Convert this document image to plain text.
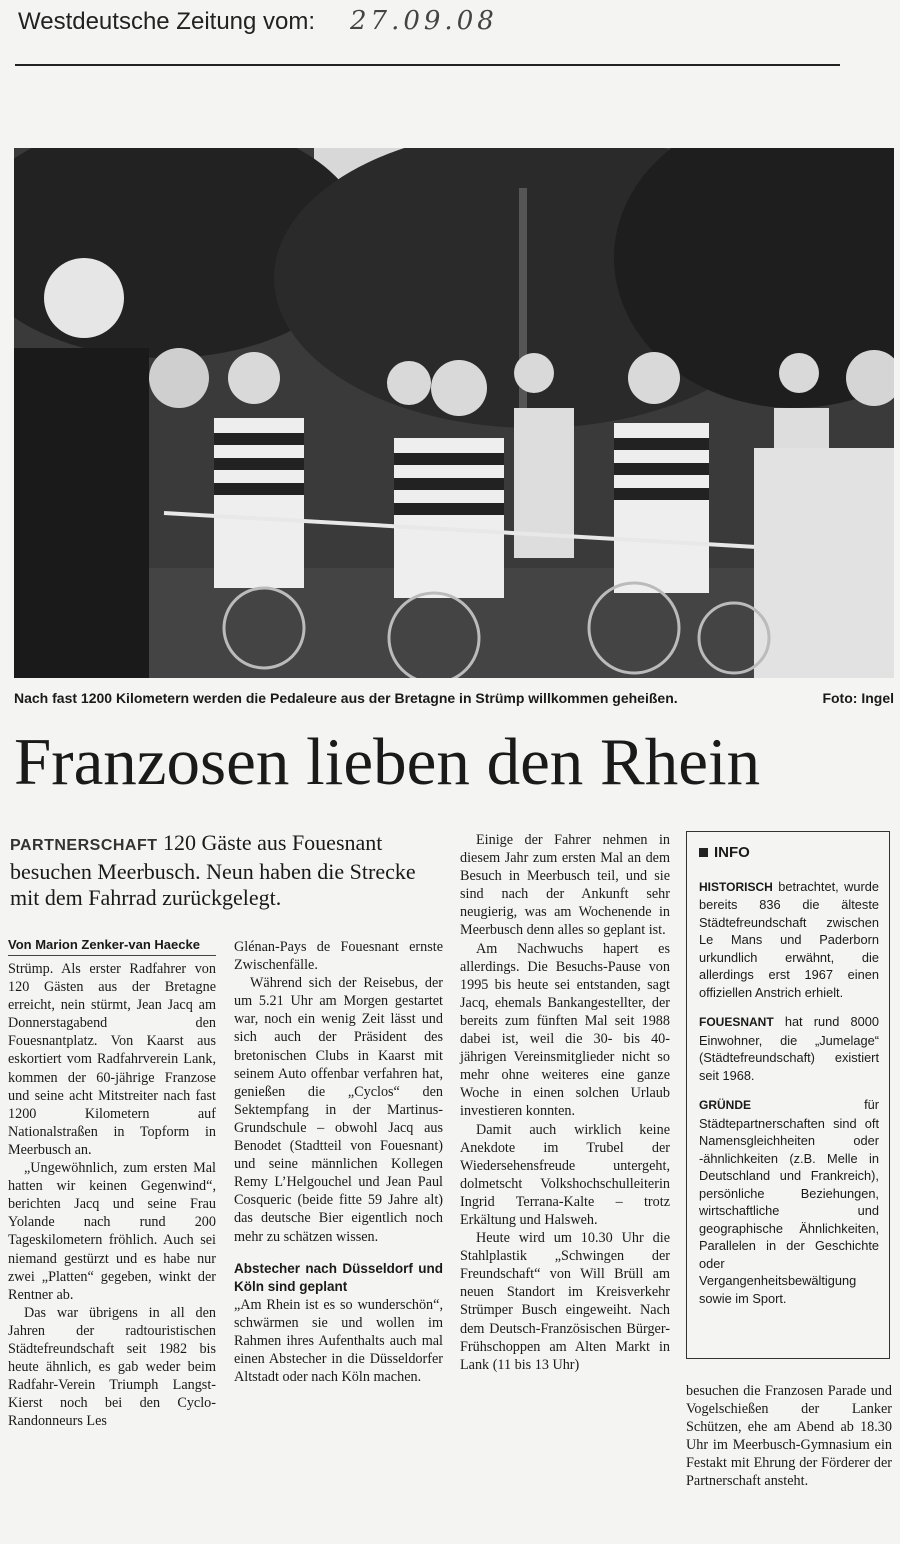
Westdeutsche Zeitung vom: 27.09.08
Nach fast 1200 Kilometern werden die Pedaleure aus der Bretagne in Strümp willkommen geheißen.	Foto: Ingel
Franzosen lieben den Rhein
PARTNERSCHAFT 120 Gäste aus Fouesnant besuchen Meerbusch. Neun haben die Strecke mit dem Fahrrad zurückgelegt.
Von Marion Zenker-van Haecke

Strümp. Als erster Radfahrer von 120 Gästen aus der Bretagne erreicht, nein stürmt, Jean Jacq am Donnerstagabend den Fouesnantplatz. Von Kaarst aus eskortiert vom Radfahrverein Lank, kommen der 60-jährige Franzose und seine acht Mitstreiter nach fast 1200 Kilometern auf Nationalstraßen in Topform in Meerbusch an.

„Ungewöhnlich, zum ersten Mal hatten wir keinen Gegenwind“, berichten Jacq und seine Frau Yolande nach rund 200 Tageskilometern fröhlich. Auch sei niemand gestürzt und es habe nur zwei „Platten“ gegeben, winkt der Rentner ab.

Das war übrigens in all den Jahren der radtouristischen Städtefreundschaft seit 1982 bis heute ähnlich, es gab weder beim Radfahr-Verein Triumph Langst-Kierst noch bei den Cyclo-Randonneurs Les

Glénan-Pays de Fouesnant ernste Zwischenfälle.

Während sich der Reisebus, der um 5.21 Uhr am Morgen gestartet war, noch ein wenig Zeit lässt und sich auch der Präsident des bretonischen Clubs in Kaarst mit seinem Auto offenbar verfahren hat, genießen die „Cyclos“ den Sektempfang in der Martinus-Grundschule – obwohl Jacq aus Benodet (Stadtteil von Fouesnant) und seine männlichen Kollegen Remy L’Helgouchel und Jean Paul Cosqueric (beide fitte 59 Jahre alt) das deutsche Bier eigentlich noch mehr zu schätzen wissen.

Abstecher nach Düsseldorf und Köln sind geplant

„Am Rhein ist es so wunderschön“, schwärmen sie und wollen im Rahmen ihres Aufenthalts auch mal einen Abstecher in die Düsseldorfer Altstadt oder nach Köln machen.

Einige der Fahrer nehmen in diesem Jahr zum ersten Mal an dem Besuch in Meerbusch teil, und sie sind nach der Ankunft sehr neugierig, was am Wochenende in Meerbusch denn alles so geplant ist.

Am Nachwuchs hapert es allerdings. Die Besuchs-Pause von 1995 bis heute sei entstanden, sagt Jacq, ehemals Bankangestellter, der bereits zum fünften Mal seit 1988 dabei ist, weil die 30- bis 40-jährigen Vereinsmitglieder nicht so mehr ohne weiteres eine ganze Woche in einen solchen Urlaub investieren konnten.

Damit auch wirklich keine Anekdote im Trubel der Wiedersehensfreude untergeht, dolmetscht Volkshochschulleiterin Ingrid Terrana-Kalte – trotz Erkältung und Halsweh.

Heute wird um 10.30 Uhr die Stahlplastik „Schwingen der Freundschaft“ von Will Brüll am neuen Standort im Kreisverkehr Strümper Busch eingeweiht. Nach dem Deutsch-Französischen Bürger-Frühschoppen am Alten Markt in Lank (11 bis 13 Uhr)

INFO

HISTORISCH betrachtet, wurde bereits 836 die älteste Städtefreundschaft zwischen Le Mans und Paderborn urkundlich erwähnt, die allerdings erst 1967 einen offiziellen Anstrich erhielt.

FOUESNANT hat rund 8000 Einwohner, die „Jumelage“ (Städtefreundschaft) existiert seit 1968.

GRÜNDE	für Städtepartnerschaften sind oft Namensgleichheiten oder -ähnlichkeiten (z.B. Melle in Deutschland und Frankreich), persönliche Beziehungen, wirtschaftliche und geographische Ähnlichkeiten, Parallelen in der Geschichte oder Vergangenheitsbewältigung sowie im Sport.

besuchen die Franzosen Parade und Vogelschießen der Lanker Schützen, ehe am Abend ab 18.30 Uhr im Meerbusch-Gymnasium ein Festakt mit Ehrung der Förderer der Partnerschaft ansteht.
